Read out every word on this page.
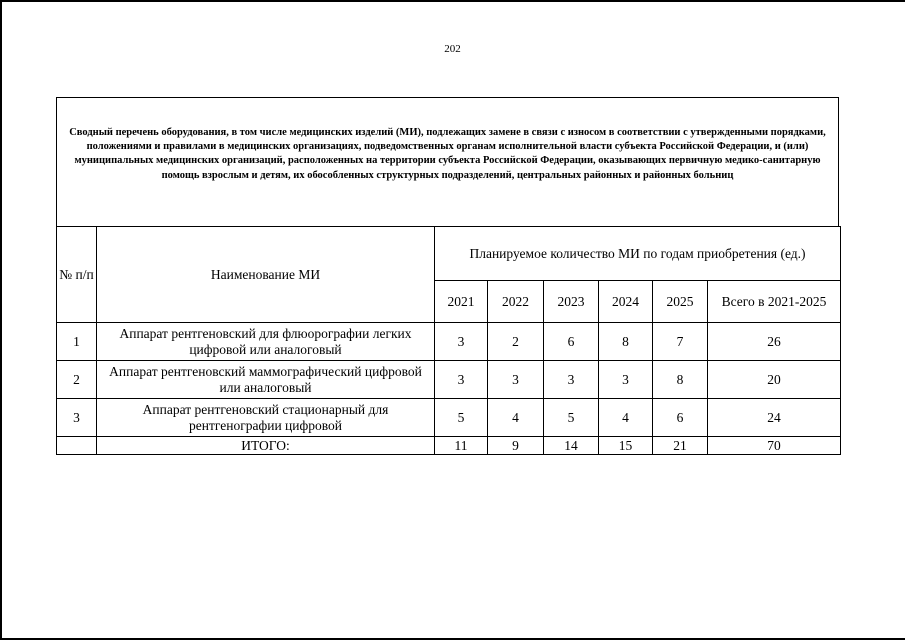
202
Сводный перечень оборудования, в том числе медицинских изделий (МИ), подлежащих замене в связи с износом в соответствии с утвержденными порядками, положениями и правилами в медицинских организациях, подведомственных органам исполнительной власти субъекта Российской Федерации, и (или) муниципальных медицинских организаций, расположенных на территории субъекта Российской Федерации, оказывающих первичную медико-санитарную помощь взрослым и детям, их обособленных структурных подразделений, центральных районных и районных больниц
№ п/п	Наименование МИ	Планируемое количество МИ по годам приобретения (ед.)					
		2021	2022	2023	2024	2025	Всего в 2021-2025
1	Аппарат рентгеновский для флюорографии легких цифровой или аналоговый	3	2	6	8	7	26
2	Аппарат рентгеновский маммографический цифровой или аналоговый	3	3	3	3	8	20
3	Аппарат рентгеновский стационарный для рентгенографии цифровой	5	4	5	4	6	24
	ИТОГО:	11	9	14	15	21	70
